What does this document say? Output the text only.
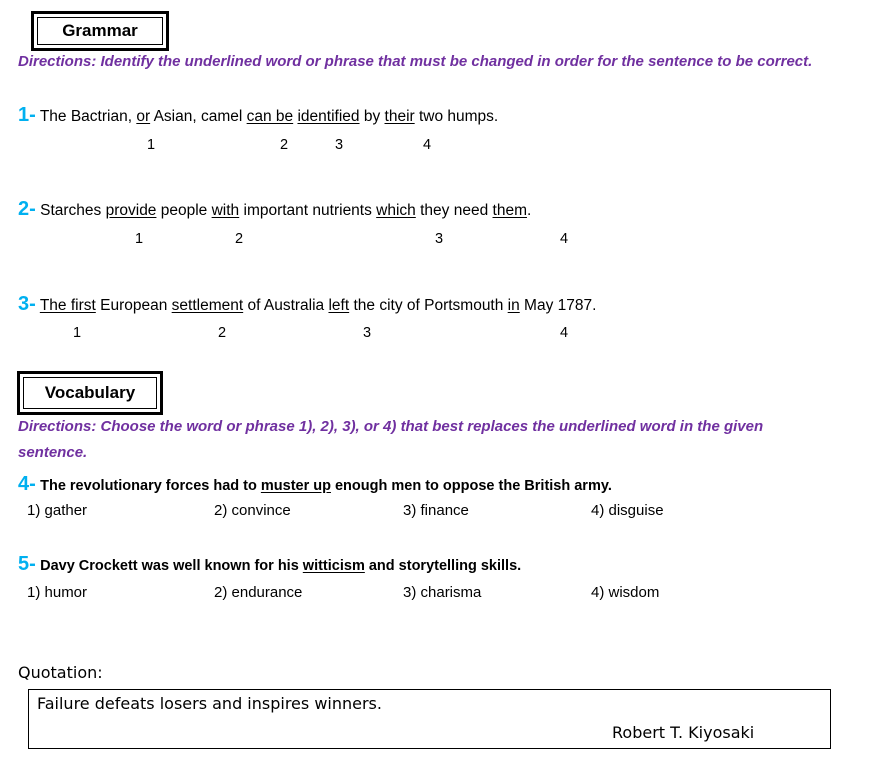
Grammar
Directions: Identify the underlined word or phrase that must be changed in order for the sentence to be correct.
1- The Bactrian, or Asian, camel can be identified by their two humps.
1	2	3	4
2- Starches provide people with important nutrients which they need them.
1	2	3	4
3- The first European settlement of Australia left the city of Portsmouth in May 1787.
1	2	3	4
Vocabulary
Directions: Choose the word or phrase 1), 2), 3), or 4) that best replaces the underlined word in the given sentence.
4- The revolutionary forces had to muster up enough men to oppose the British army.
1) gather	2) convince	3) finance	4) disguise
5- Davy Crockett was well known for his witticism and storytelling skills.
1) humor	2) endurance	3) charisma	4) wisdom
Quotation:
Failure defeats losers and inspires winners.
Robert T. Kiyosaki
